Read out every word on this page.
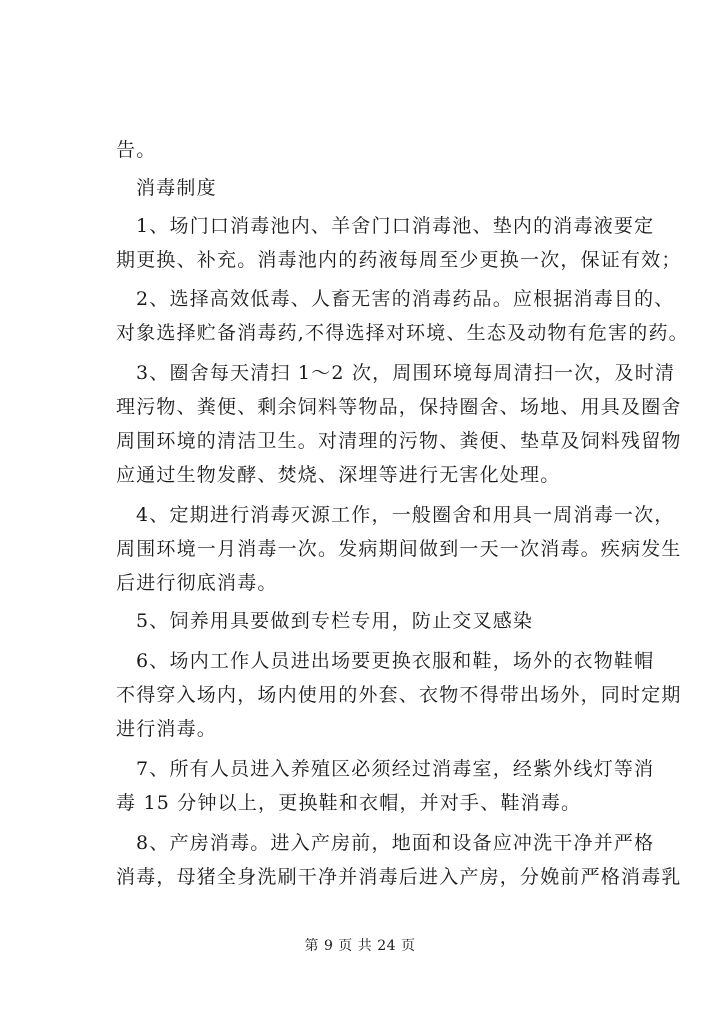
告。
消毒制度
1、场门口消毒池内、羊舍门口消毒池、垫内的消毒液要定
期更换、补充。消毒池内的药液每周至少更换一次，保证有效；
2、选择高效低毒、人畜无害的消毒药品。应根据消毒目的、
对象选择贮备消毒药,不得选择对环境、生态及动物有危害的药。
3、圈舍每天清扫 1～2 次，周围环境每周清扫一次，及时清
理污物、粪便、剩余饲料等物品，保持圈舍、场地、用具及圈舍
周围环境的清洁卫生。对清理的污物、粪便、垫草及饲料残留物
应通过生物发酵、焚烧、深埋等进行无害化处理。
4、定期进行消毒灭源工作，一般圈舍和用具一周消毒一次，
周围环境一月消毒一次。发病期间做到一天一次消毒。疾病发生
后进行彻底消毒。
5、饲养用具要做到专栏专用，防止交叉感染
6、场内工作人员进出场要更换衣服和鞋，场外的衣物鞋帽
不得穿入场内，场内使用的外套、衣物不得带出场外，同时定期
进行消毒。
7、所有人员进入养殖区必须经过消毒室，经紫外线灯等消
毒 15 分钟以上，更换鞋和衣帽，并对手、鞋消毒。
8、产房消毒。进入产房前，地面和设备应冲洗干净并严格
消毒，母猪全身洗刷干净并消毒后进入产房，分娩前严格消毒乳
第 9 页 共 24 页
